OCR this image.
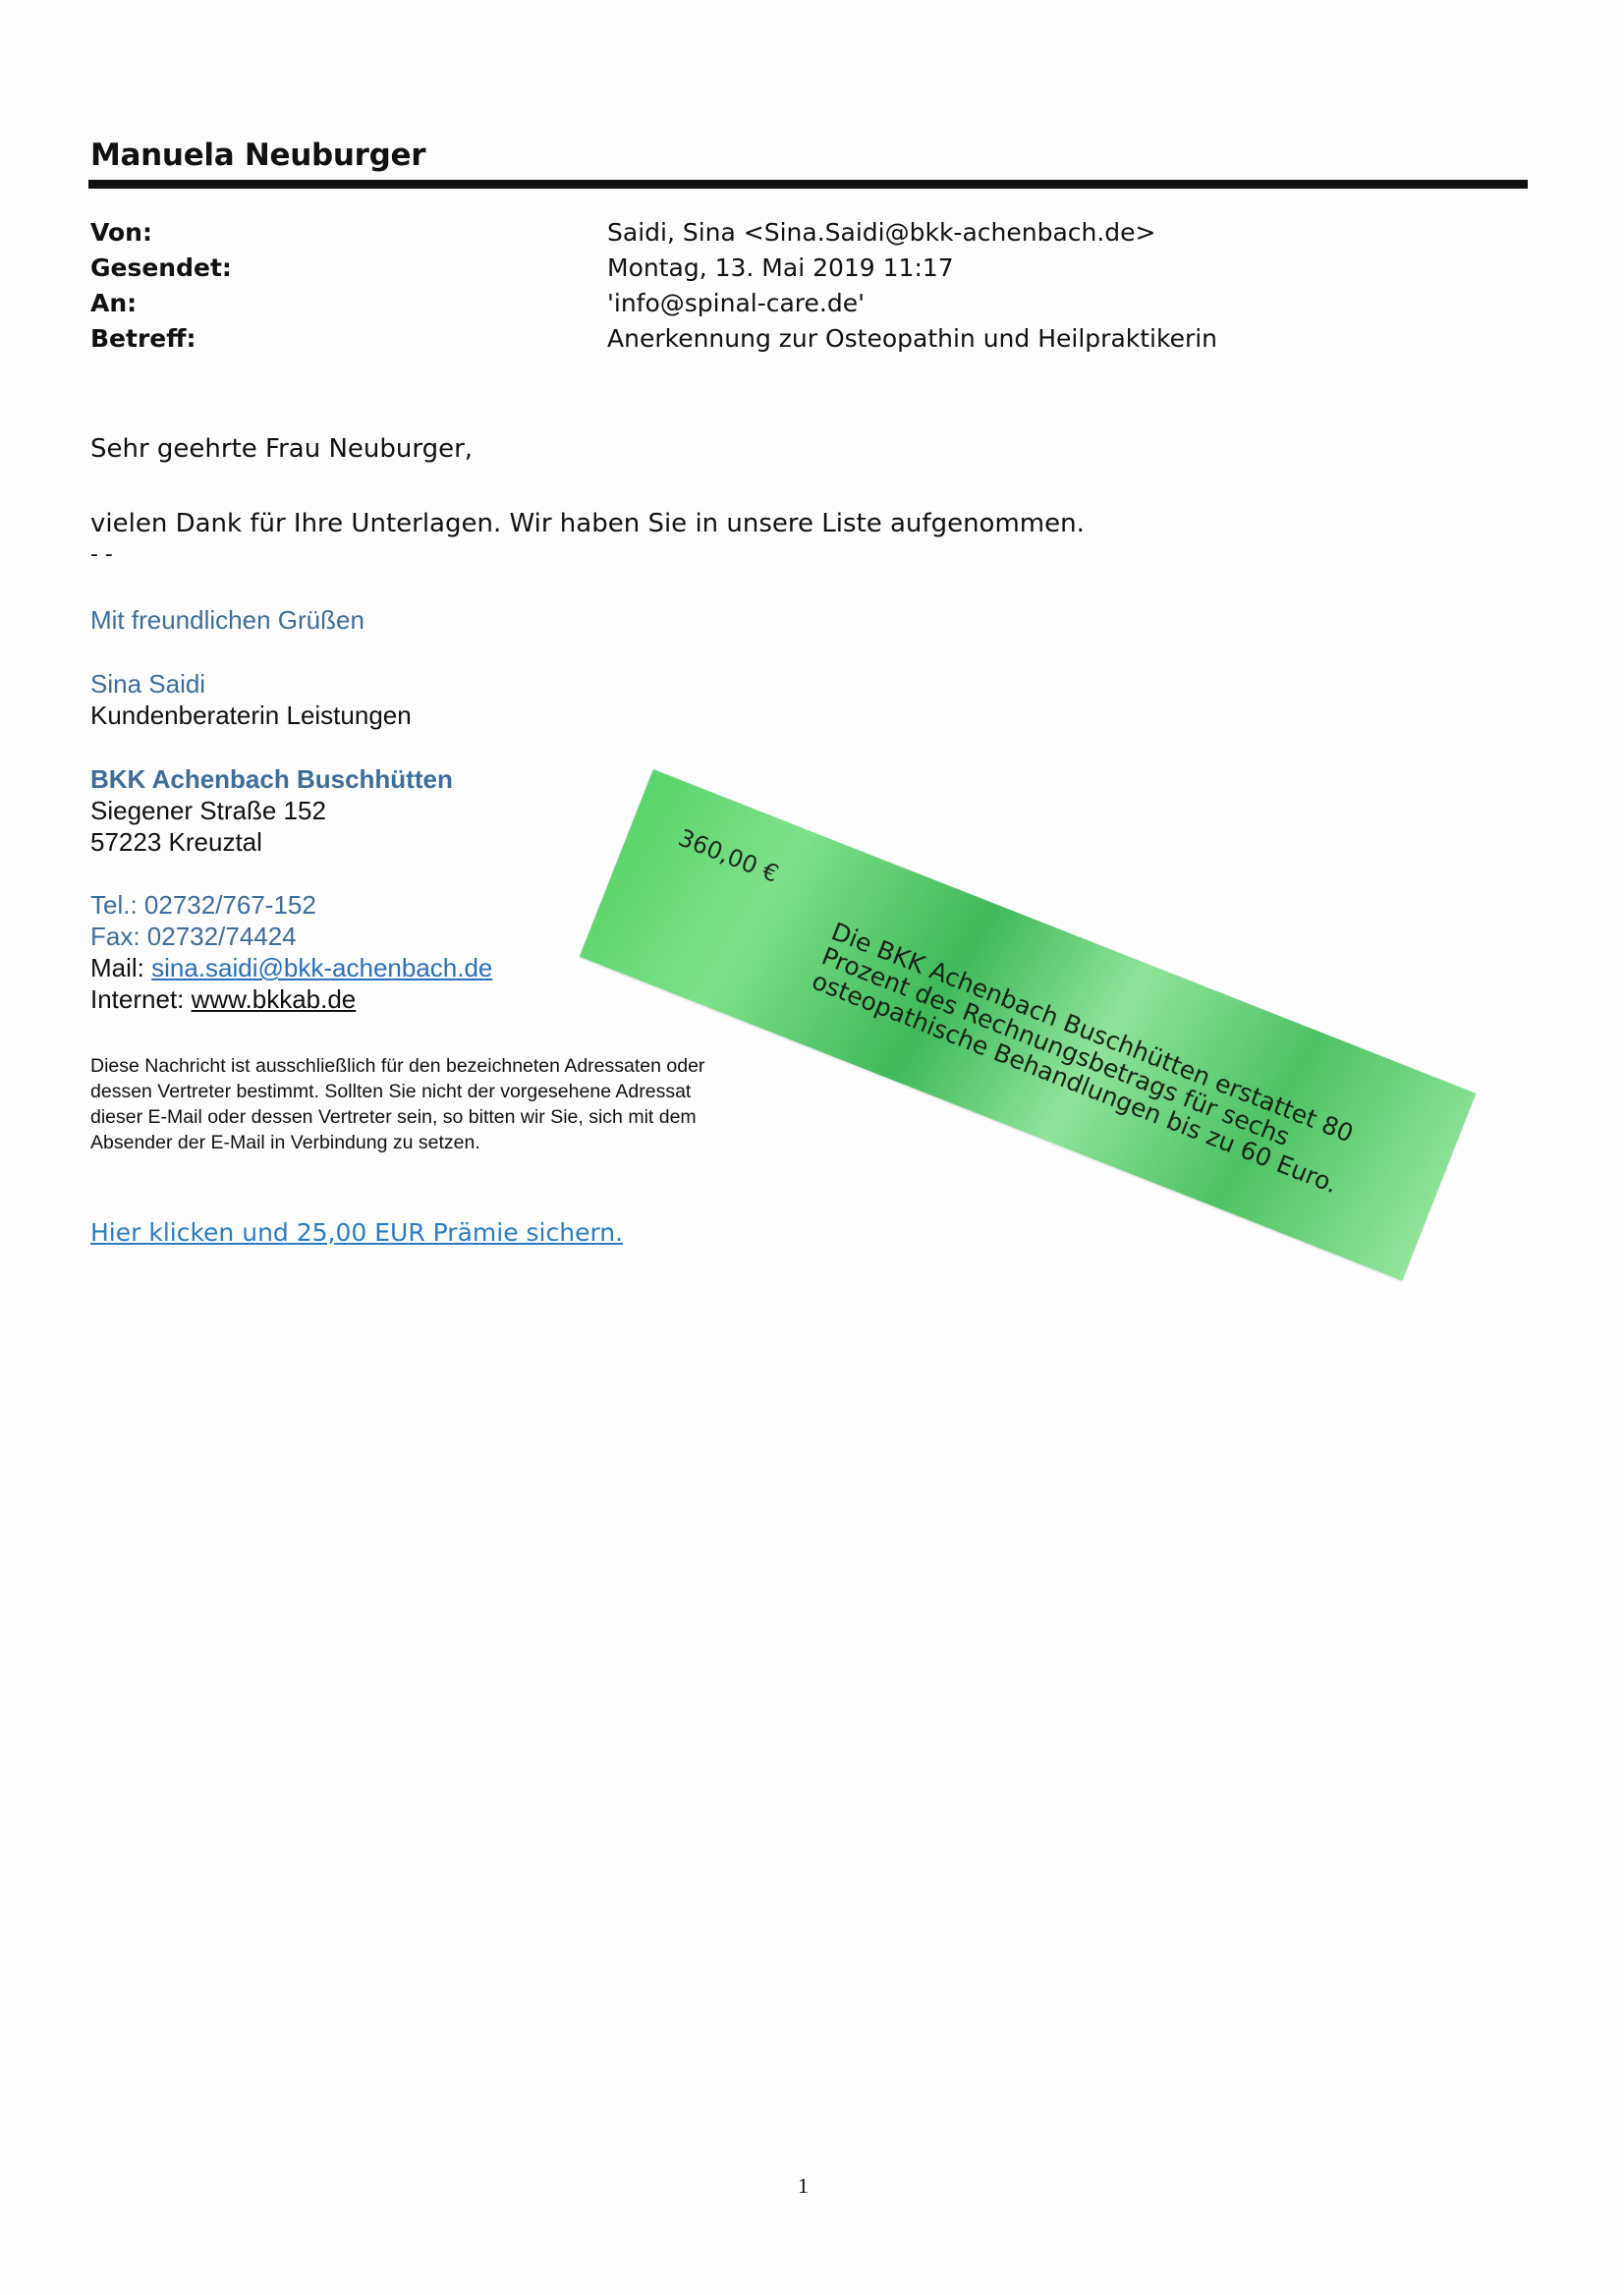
Manuela Neuburger
Von:	Saidi, Sina <Sina.Saidi@bkk-achenbach.de>
Gesendet:	Montag, 13. Mai 2019 11:17
An:	'info@spinal-care.de'
Betreff:	Anerkennung zur Osteopathin und Heilpraktikerin
Sehr geehrte Frau Neuburger,
vielen Dank für Ihre Unterlagen. Wir haben Sie in unsere Liste aufgenommen.
- -
Mit freundlichen Grüßen
Sina Saidi
Kundenberaterin Leistungen
BKK Achenbach Buschhütten
Siegener Straße 152
57223 Kreuztal
Tel.: 02732/767-152
Fax: 02732/74424
Mail: sina.saidi@bkk-achenbach.de
Internet: www.bkkab.de
Diese Nachricht ist ausschließlich für den bezeichneten Adressaten oder dessen Vertreter bestimmt. Sollten Sie nicht der vorgesehene Adressat dieser E-Mail oder dessen Vertreter sein, so bitten wir Sie, sich mit dem Absender der E-Mail in Verbindung zu setzen.
Hier klicken und 25,00 EUR Prämie sichern.
360,00 €
Die BKK Achenbach Buschhütten erstattet 80 Prozent des Rechnungsbetrags für sechs osteopathische Behandlungen bis zu 60 Euro.
1
